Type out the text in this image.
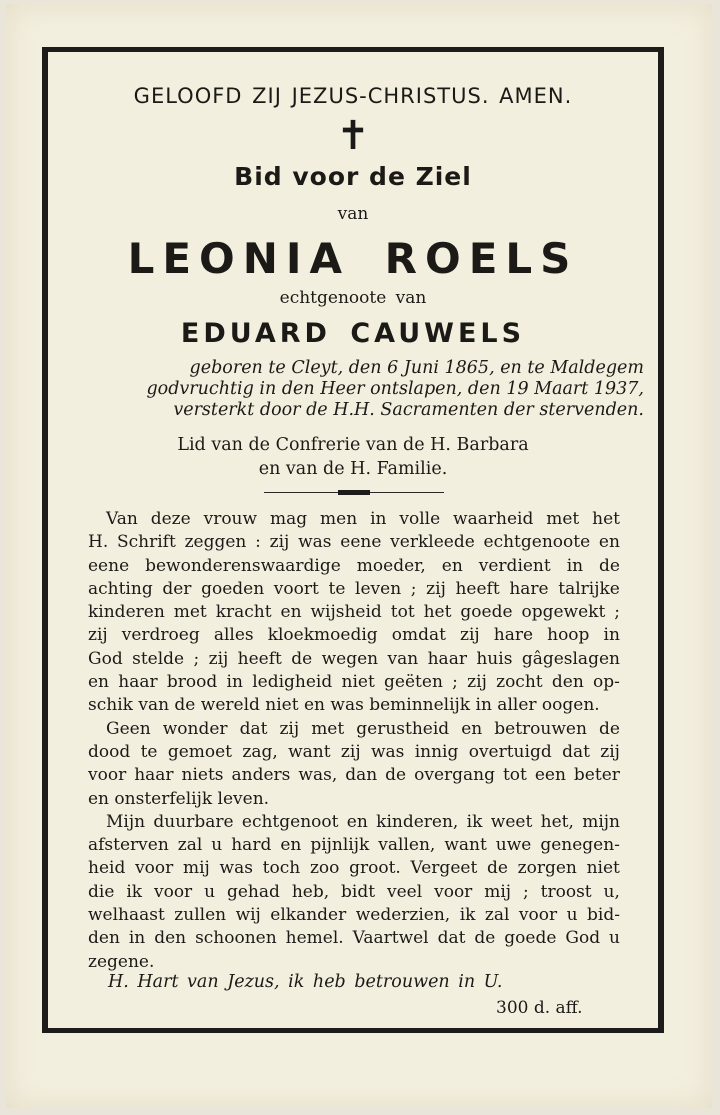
GELOOFD ZIJ JEZUS-CHRISTUS. AMEN.
✝
Bid voor de Ziel
van
LEONIA ROELS
echtgenoote van
EDUARD CAUWELS
geboren te Cleyt, den 6 Juni 1865, en te Maldegem
godvruchtig in den Heer ontslapen, den 19 Maart 1937,
versterkt door de H.H. Sacramenten der stervenden.
Lid van de Confrerie van de H. Barbara
en van de H. Familie.
Van deze vrouw mag men in volle waarheid met het
H. Schrift zeggen : zij was eene verkleede echtgenoote en
eene bewonderenswaardige moeder, en verdient in de
achting der goeden voort te leven ; zij heeft hare talrijke
kinderen met kracht en wijsheid tot het goede opgewekt ;
zij verdroeg alles kloekmoedig omdat zij hare hoop in
God stelde ; zij heeft de wegen van haar huis gâgeslagen
en haar brood in ledigheid niet geëten ; zij zocht den op-
schik van de wereld niet en was beminnelijk in aller oogen.
Geen wonder dat zij met gerustheid en betrouwen de
dood te gemoet zag, want zij was innig overtuigd dat zij
voor haar niets anders was, dan de overgang tot een beter
en onsterfelijk leven.
Mijn duurbare echtgenoot en kinderen, ik weet het, mijn
afsterven zal u hard en pijnlijk vallen, want uwe genegen-
heid voor mij was toch zoo groot. Vergeet de zorgen niet
die ik voor u gehad heb, bidt veel voor mij ; troost u,
welhaast zullen wij elkander wederzien, ik zal voor u bid-
den in den schoonen hemel. Vaartwel dat de goede God u
zegene.
H. Hart van Jezus, ik heb betrouwen in U.
300 d. aff.
